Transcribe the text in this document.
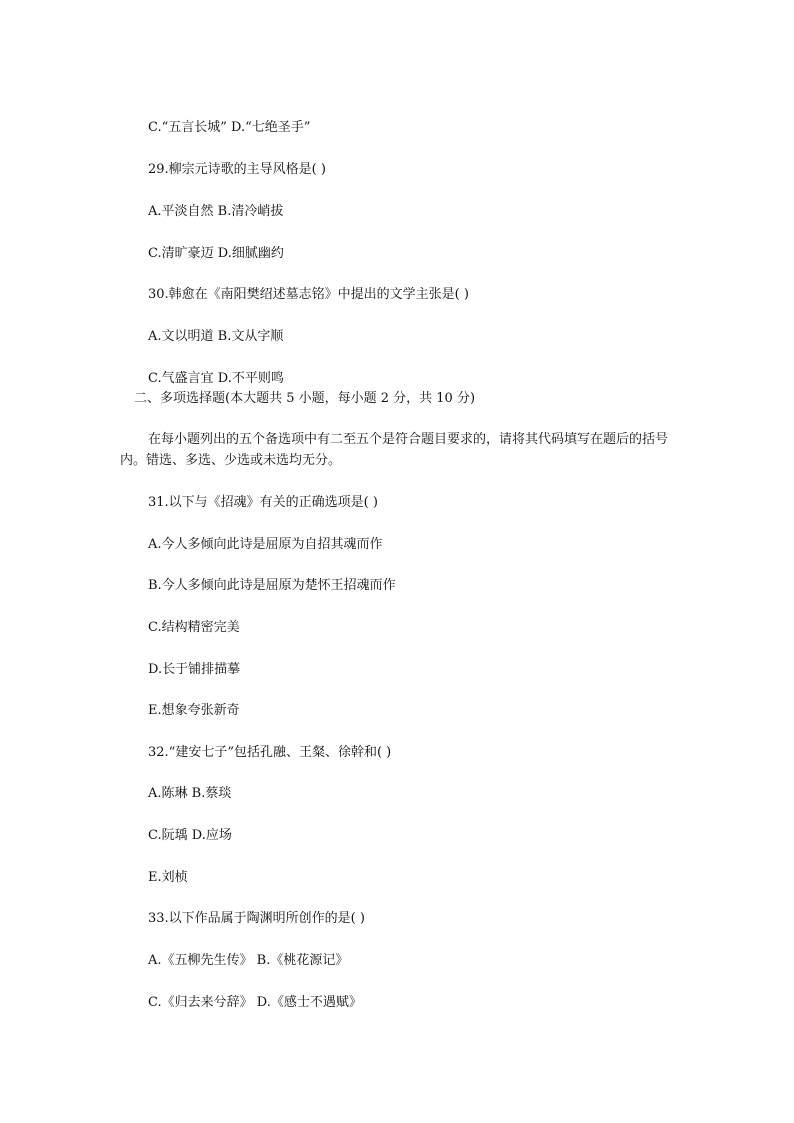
C.“五言长城” D.“七绝圣手”
29.柳宗元诗歌的主导风格是( )
A.平淡自然 B.清冷峭拔
C.清旷豪迈 D.细腻幽约
30.韩愈在《南阳樊绍述墓志铭》中提出的文学主张是( )
A.文以明道 B.文从字顺
C.气盛言宜 D.不平则鸣
二、多项选择题(本大题共 5 小题，每小题 2 分，共 10 分)
在每小题列出的五个备选项中有二至五个是符合题目要求的，请将其代码填写在题后的括号内。错选、多选、少选或未选均无分。
31.以下与《招魂》有关的正确选项是( )
A.今人多倾向此诗是屈原为自招其魂而作
B.今人多倾向此诗是屈原为楚怀王招魂而作
C.结构精密完美
D.长于铺排描摹
E.想象夸张新奇
32.“建安七子”包括孔融、王粲、徐幹和( )
A.陈琳 B.蔡琰
C.阮瑀 D.应场
E.刘桢
33.以下作品属于陶渊明所创作的是( )
A.《五柳先生传》 B.《桃花源记》
C.《归去来兮辞》 D.《感士不遇赋》
